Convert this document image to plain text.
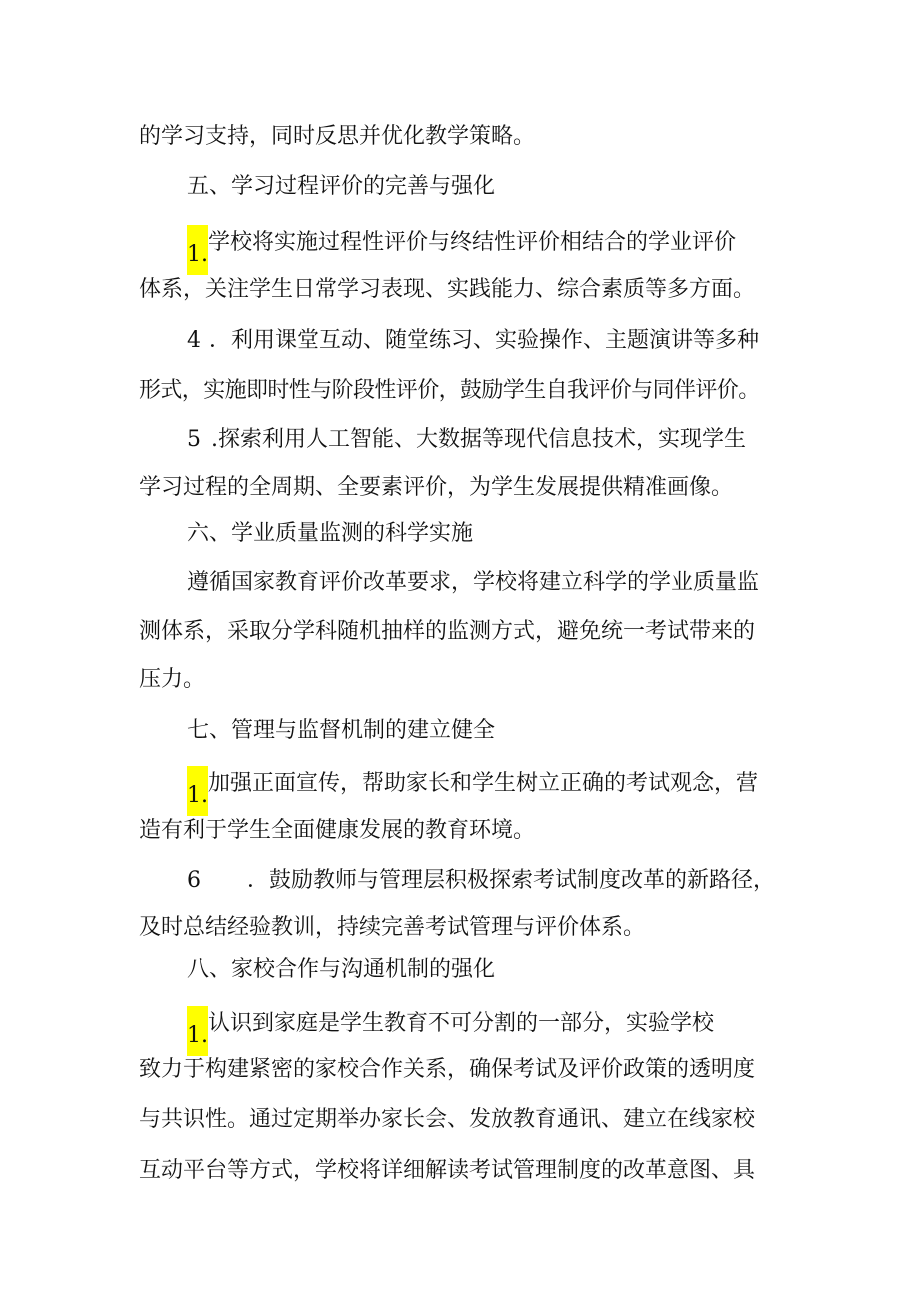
的学习支持，同时反思并优化教学策略。
五、学习过程评价的完善与强化
1.学校将实施过程性评价与终结性评价相结合的学业评价
体系，关注学生日常学习表现、实践能力、综合素质等多方面。
4 ．利用课堂互动、随堂练习、实验操作、主题演讲等多种
形式，实施即时性与阶段性评价，鼓励学生自我评价与同伴评价。
5 .探索利用人工智能、大数据等现代信息技术，实现学生
学习过程的全周期、全要素评价，为学生发展提供精准画像。
六、学业质量监测的科学实施
遵循国家教育评价改革要求，学校将建立科学的学业质量监
测体系，采取分学科随机抽样的监测方式，避免统一考试带来的
压力。
七、管理与监督机制的建立健全
1.加强正面宣传，帮助家长和学生树立正确的考试观念，营
造有利于学生全面健康发展的教育环境。
6 ．鼓励教师与管理层积极探索考试制度改革的新路径，
及时总结经验教训，持续完善考试管理与评价体系。
八、家校合作与沟通机制的强化
1.认识到家庭是学生教育不可分割的一部分，实验学校
致力于构建紧密的家校合作关系，确保考试及评价政策的透明度
与共识性。通过定期举办家长会、发放教育通讯、建立在线家校
互动平台等方式，学校将详细解读考试管理制度的改革意图、具
